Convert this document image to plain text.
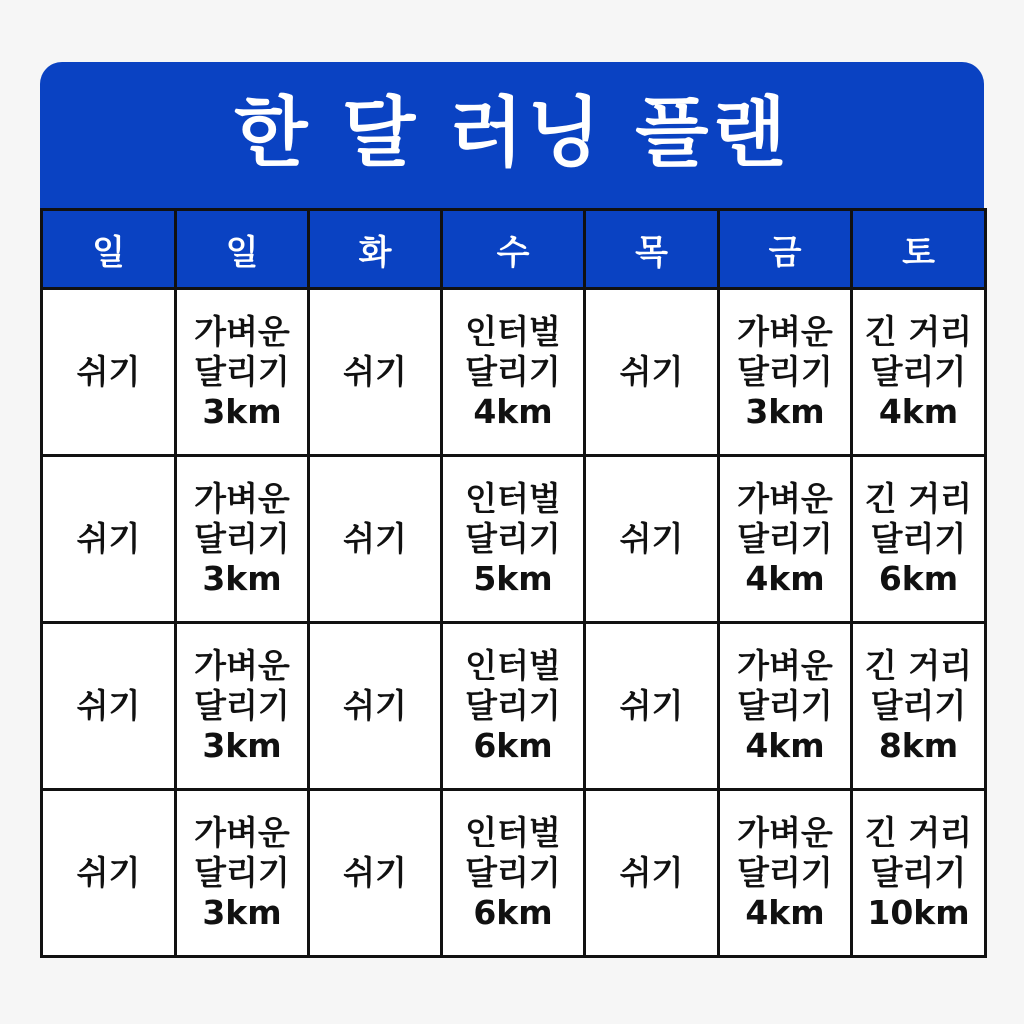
한 달 러닝 플랜
일	일	화	수	목	금	토

쉬기	가벼운
달리기
3km	쉬기	인터벌
달리기
4km	쉬기	가벼운
달리기
3km	긴 거리
달리기
4km

쉬기	가벼운
달리기
3km	쉬기	인터벌
달리기
5km	쉬기	가벼운
달리기
4km	긴 거리
달리기
6km

쉬기	가벼운
달리기
3km	쉬기	인터벌
달리기
6km	쉬기	가벼운
달리기
4km	긴 거리
달리기
8km

쉬기	가벼운
달리기
3km	쉬기	인터벌
달리기
6km	쉬기	가벼운
달리기
4km	긴 거리
달리기
10km
